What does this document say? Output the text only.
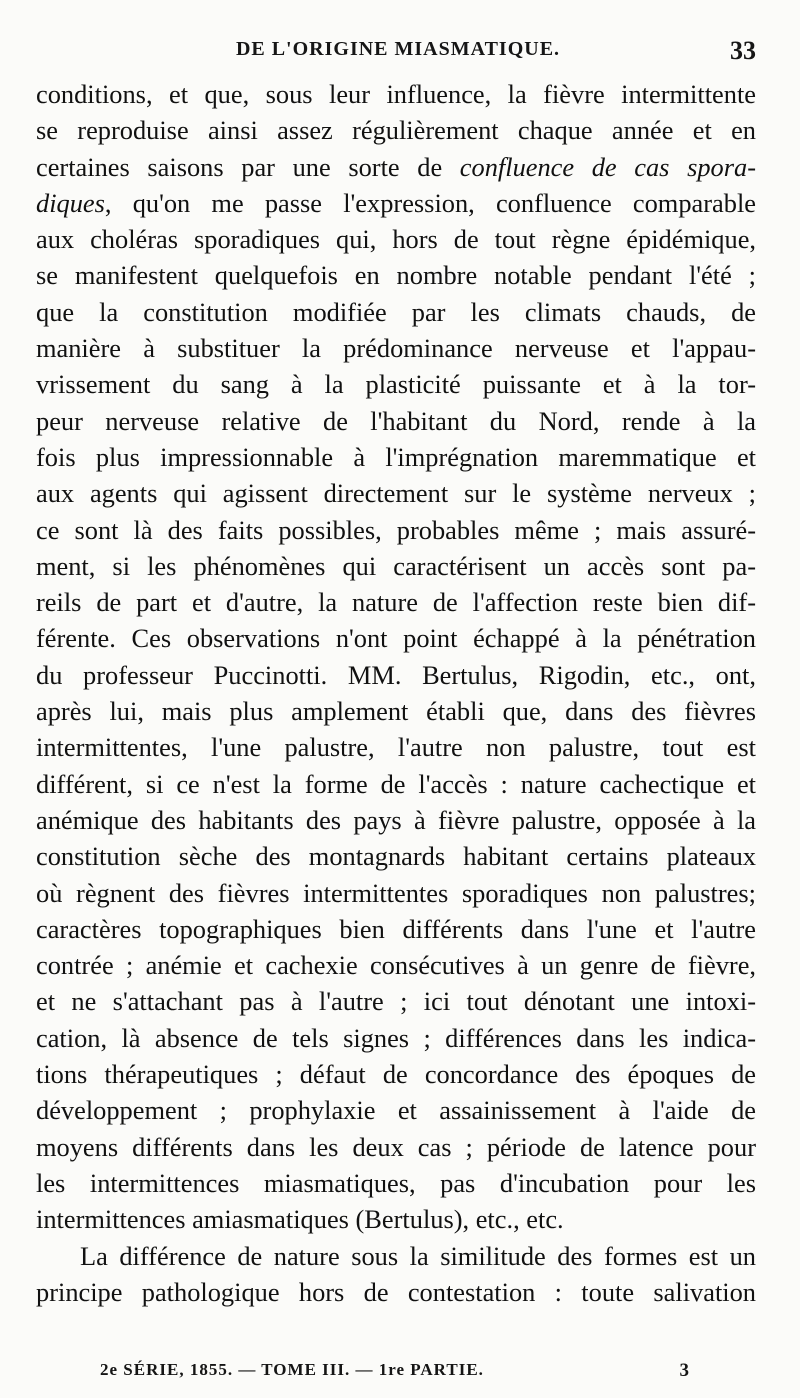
DE L'ORIGINE MIASMATIQUE.	33
conditions, et que, sous leur influence, la fièvre intermittente
se reproduise ainsi assez régulièrement chaque année et en
certaines saisons par une sorte de confluence de cas spora-
diques, qu'on me passe l'expression, confluence comparable
aux choléras sporadiques qui, hors de tout règne épidémique,
se manifestent quelquefois en nombre notable pendant l'été ;
que la constitution modifiée par les climats chauds, de
manière à substituer la prédominance nerveuse et l'appau-
vrissement du sang à la plasticité puissante et à la tor-
peur nerveuse relative de l'habitant du Nord, rende à la
fois plus impressionnable à l'imprégnation maremmatique et
aux agents qui agissent directement sur le système nerveux ;
ce sont là des faits possibles, probables même ; mais assuré-
ment, si les phénomènes qui caractérisent un accès sont pa-
reils de part et d'autre, la nature de l'affection reste bien dif-
férente. Ces observations n'ont point échappé à la pénétration
du professeur Puccinotti. MM. Bertulus, Rigodin, etc., ont,
après lui, mais plus amplement établi que, dans des fièvres
intermittentes, l'une palustre, l'autre non palustre, tout est
différent, si ce n'est la forme de l'accès : nature cachectique et
anémique des habitants des pays à fièvre palustre, opposée à la
constitution sèche des montagnards habitant certains plateaux
où règnent des fièvres intermittentes sporadiques non palustres;
caractères topographiques bien différents dans l'une et l'autre
contrée ; anémie et cachexie consécutives à un genre de fièvre,
et ne s'attachant pas à l'autre ; ici tout dénotant une intoxi-
cation, là absence de tels signes ; différences dans les indica-
tions thérapeutiques ; défaut de concordance des époques de
développement ; prophylaxie et assainissement à l'aide de
moyens différents dans les deux cas ; période de latence pour
les intermittences miasmatiques, pas d'incubation pour les
intermittences amiasmatiques (Bertulus), etc., etc.
La différence de nature sous la similitude des formes est un
principe pathologique hors de contestation : toute salivation
2e SÉRIE, 1855. — TOME III. — 1re PARTIE.	3
